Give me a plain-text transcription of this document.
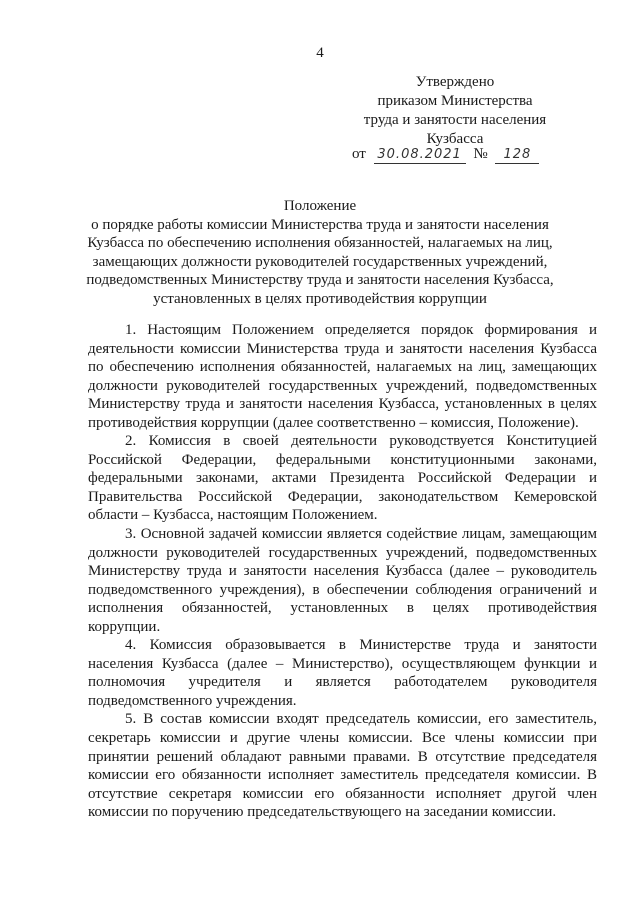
4
Утверждено
приказом Министерства
труда и занятости населения
Кузбасса
от 30.08.2021 № 128
Положение
о порядке работы комиссии Министерства труда и занятости населения
Кузбасса по обеспечению исполнения обязанностей, налагаемых на лиц,
замещающих должности руководителей государственных учреждений,
подведомственных Министерству труда и занятости населения Кузбасса,
установленных в целях противодействия коррупции

1. Настоящим Положением определяется порядок формирования и деятельности комиссии Министерства труда и занятости населения Кузбасса по обеспечению исполнения обязанностей, налагаемых на лиц, замещающих должности руководителей государственных учреждений, подведомственных Министерству труда и занятости населения Кузбасса, установленных в целях противодействия коррупции (далее соответственно – комиссия, Положение).

2. Комиссия в своей деятельности руководствуется Конституцией Российской Федерации, федеральными конституционными законами, федеральными законами, актами Президента Российской Федерации и Правительства Российской Федерации, законодательством Кемеровской области – Кузбасса, настоящим Положением.

3. Основной задачей комиссии является содействие лицам, замещающим должности руководителей государственных учреждений, подведомственных Министерству труда и занятости населения Кузбасса (далее – руководитель подведомственного учреждения), в обеспечении соблюдения ограничений и исполнения обязанностей, установленных в целях противодействия коррупции.

4. Комиссия образовывается в Министерстве труда и занятости населения Кузбасса (далее – Министерство), осуществляющем функции и полномочия учредителя и является работодателем руководителя подведомственного учреждения.

5. В состав комиссии входят председатель комиссии, его заместитель, секретарь комиссии и другие члены комиссии. Все члены комиссии при принятии решений обладают равными правами. В отсутствие председателя комиссии его обязанности исполняет заместитель председателя комиссии. В отсутствие секретаря комиссии его обязанности исполняет другой член комиссии по поручению председательствующего на заседании комиссии.
